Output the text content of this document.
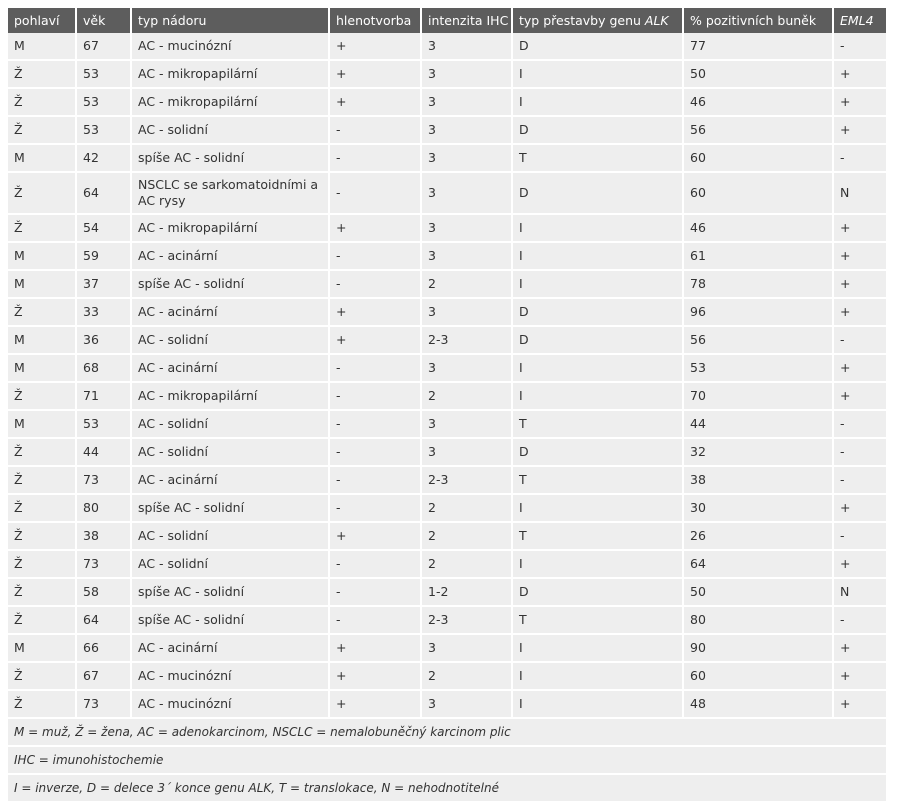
pohlaví	věk	typ nádoru	hlenotvorba	intenzita IHC	typ přestavby genu ALK	% pozitivních buněk	EML4
M	67	AC - mucinózní	+	3	D	77	-
Ž	53	AC - mikropapilární	+	3	I	50	+
Ž	53	AC - mikropapilární	+	3	I	46	+
Ž	53	AC - solidní	-	3	D	56	+
M	42	spíše AC - solidní	-	3	T	60	-
Ž	64	NSCLC se sarkomatoidními a AC rysy	-	3	D	60	N
Ž	54	AC - mikropapilární	+	3	I	46	+
M	59	AC - acinární	-	3	I	61	+
M	37	spíše AC - solidní	-	2	I	78	+
Ž	33	AC - acinární	+	3	D	96	+
M	36	AC - solidní	+	2-3	D	56	-
M	68	AC - acinární	-	3	I	53	+
Ž	71	AC - mikropapilární	-	2	I	70	+
M	53	AC - solidní	-	3	T	44	-
Ž	44	AC - solidní	-	3	D	32	-
Ž	73	AC - acinární	-	2-3	T	38	-
Ž	80	spíše AC - solidní	-	2	I	30	+
Ž	38	AC - solidní	+	2	T	26	-
Ž	73	AC - solidní	-	2	I	64	+
Ž	58	spíše AC - solidní	-	1-2	D	50	N
Ž	64	spíše AC - solidní	-	2-3	T	80	-
M	66	AC - acinární	+	3	I	90	+
Ž	67	AC - mucinózní	+	2	I	60	+
Ž	73	AC - mucinózní	+	3	I	48	+
M = muž, Ž = žena, AC = adenokarcinom, NSCLC = nemalobuněčný karcinom plic							
IHC = imunohistochemie							
I = inverze, D = delece 3´ konce genu ALK, T = translokace, N = nehodnotitelné							
